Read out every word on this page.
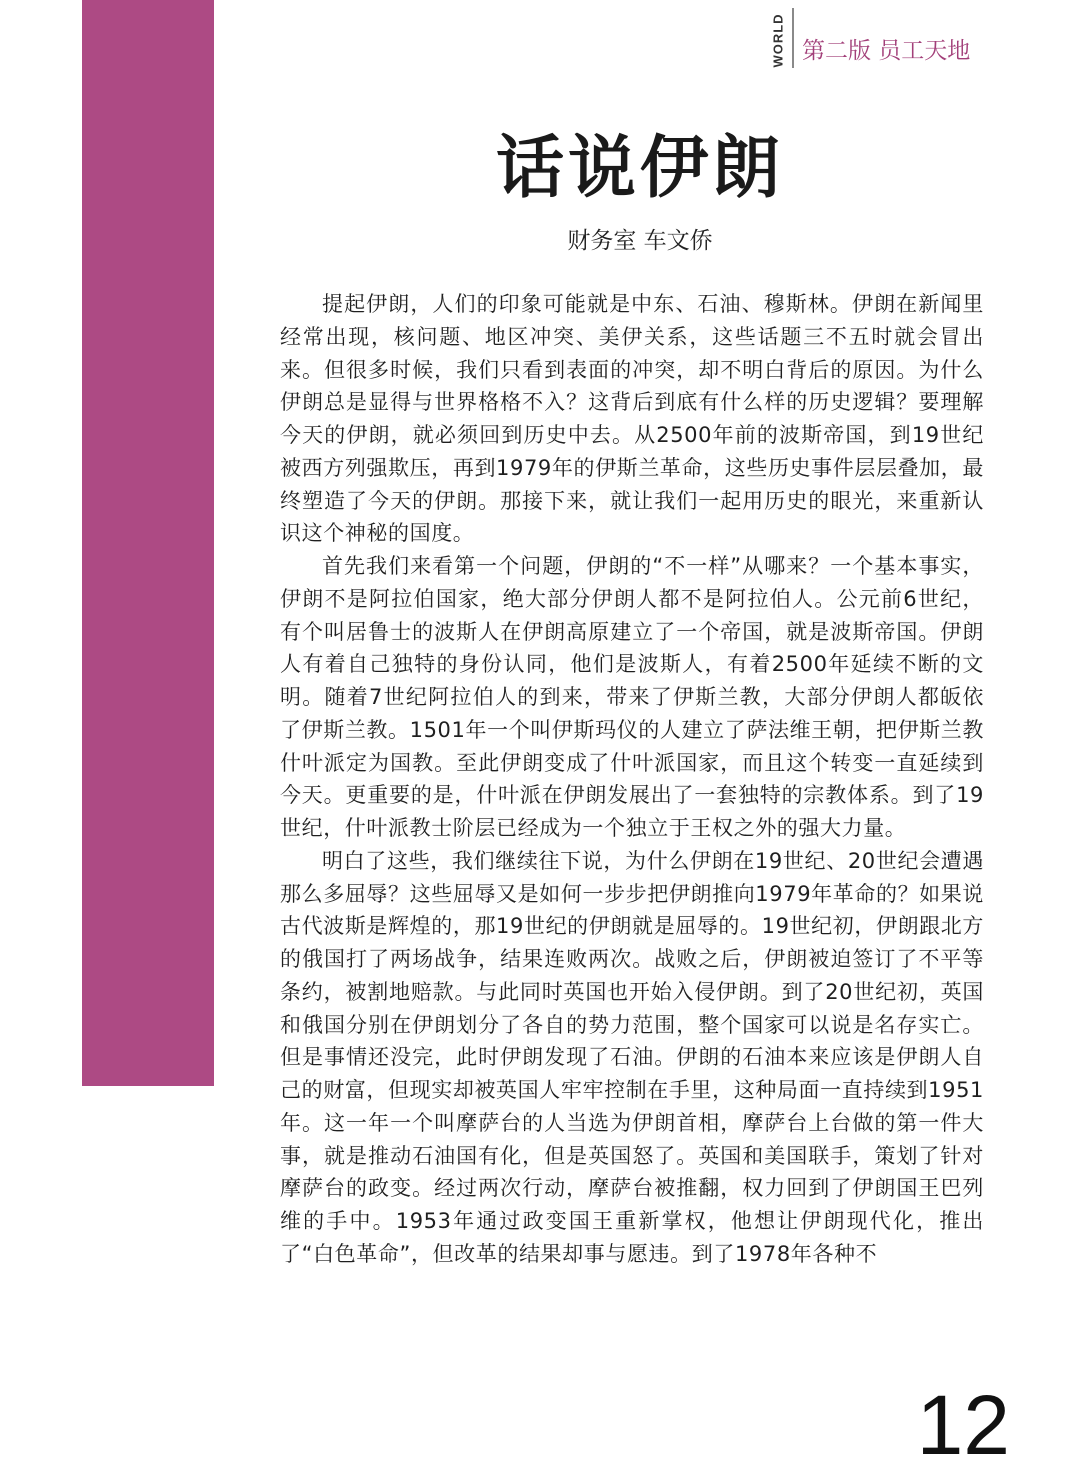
WORLD 第二版 员工天地
话说伊朗
财务室 车文侨

提起伊朗，人们的印象可能就是中东、石油、穆斯林。伊朗在新闻里经常出现，核问题、地区冲突、美伊关系，这些话题三不五时就会冒出来。但很多时候，我们只看到表面的冲突，却不明白背后的原因。为什么伊朗总是显得与世界格格不入？这背后到底有什么样的历史逻辑？要理解今天的伊朗，就必须回到历史中去。从2500年前的波斯帝国，到19世纪被西方列强欺压，再到1979年的伊斯兰革命，这些历史事件层层叠加，最终塑造了今天的伊朗。那接下来，就让我们一起用历史的眼光，来重新认识这个神秘的国度。

首先我们来看第一个问题，伊朗的“不一样”从哪来？一个基本事实，伊朗不是阿拉伯国家，绝大部分伊朗人都不是阿拉伯人。公元前6世纪，有个叫居鲁士的波斯人在伊朗高原建立了一个帝国，就是波斯帝国。伊朗人有着自己独特的身份认同，他们是波斯人，有着2500年延续不断的文明。随着7世纪阿拉伯人的到来，带来了伊斯兰教，大部分伊朗人都皈依了伊斯兰教。1501年一个叫伊斯玛仪的人建立了萨法维王朝，把伊斯兰教什叶派定为国教。至此伊朗变成了什叶派国家，而且这个转变一直延续到今天。更重要的是，什叶派在伊朗发展出了一套独特的宗教体系。到了19世纪，什叶派教士阶层已经成为一个独立于王权之外的强大力量。

明白了这些，我们继续往下说，为什么伊朗在19世纪、20世纪会遭遇那么多屈辱？这些屈辱又是如何一步步把伊朗推向1979年革命的？如果说古代波斯是辉煌的，那19世纪的伊朗就是屈辱的。19世纪初，伊朗跟北方的俄国打了两场战争，结果连败两次。战败之后，伊朗被迫签订了不平等条约，被割地赔款。与此同时英国也开始入侵伊朗。到了20世纪初，英国和俄国分别在伊朗划分了各自的势力范围，整个国家可以说是名存实亡。但是事情还没完，此时伊朗发现了石油。伊朗的石油本来应该是伊朗人自己的财富，但现实却被英国人牢牢控制在手里，这种局面一直持续到1951年。这一年一个叫摩萨台的人当选为伊朗首相，摩萨台上台做的第一件大事，就是推动石油国有化，但是英国怒了。英国和美国联手，策划了针对摩萨台的政变。经过两次行动，摩萨台被推翻，权力回到了伊朗国王巴列维的手中。1953年通过政变国王重新掌权，他想让伊朗现代化，推出了“白色革命”，但改革的结果却事与愿违。到了1978年各种不

12
